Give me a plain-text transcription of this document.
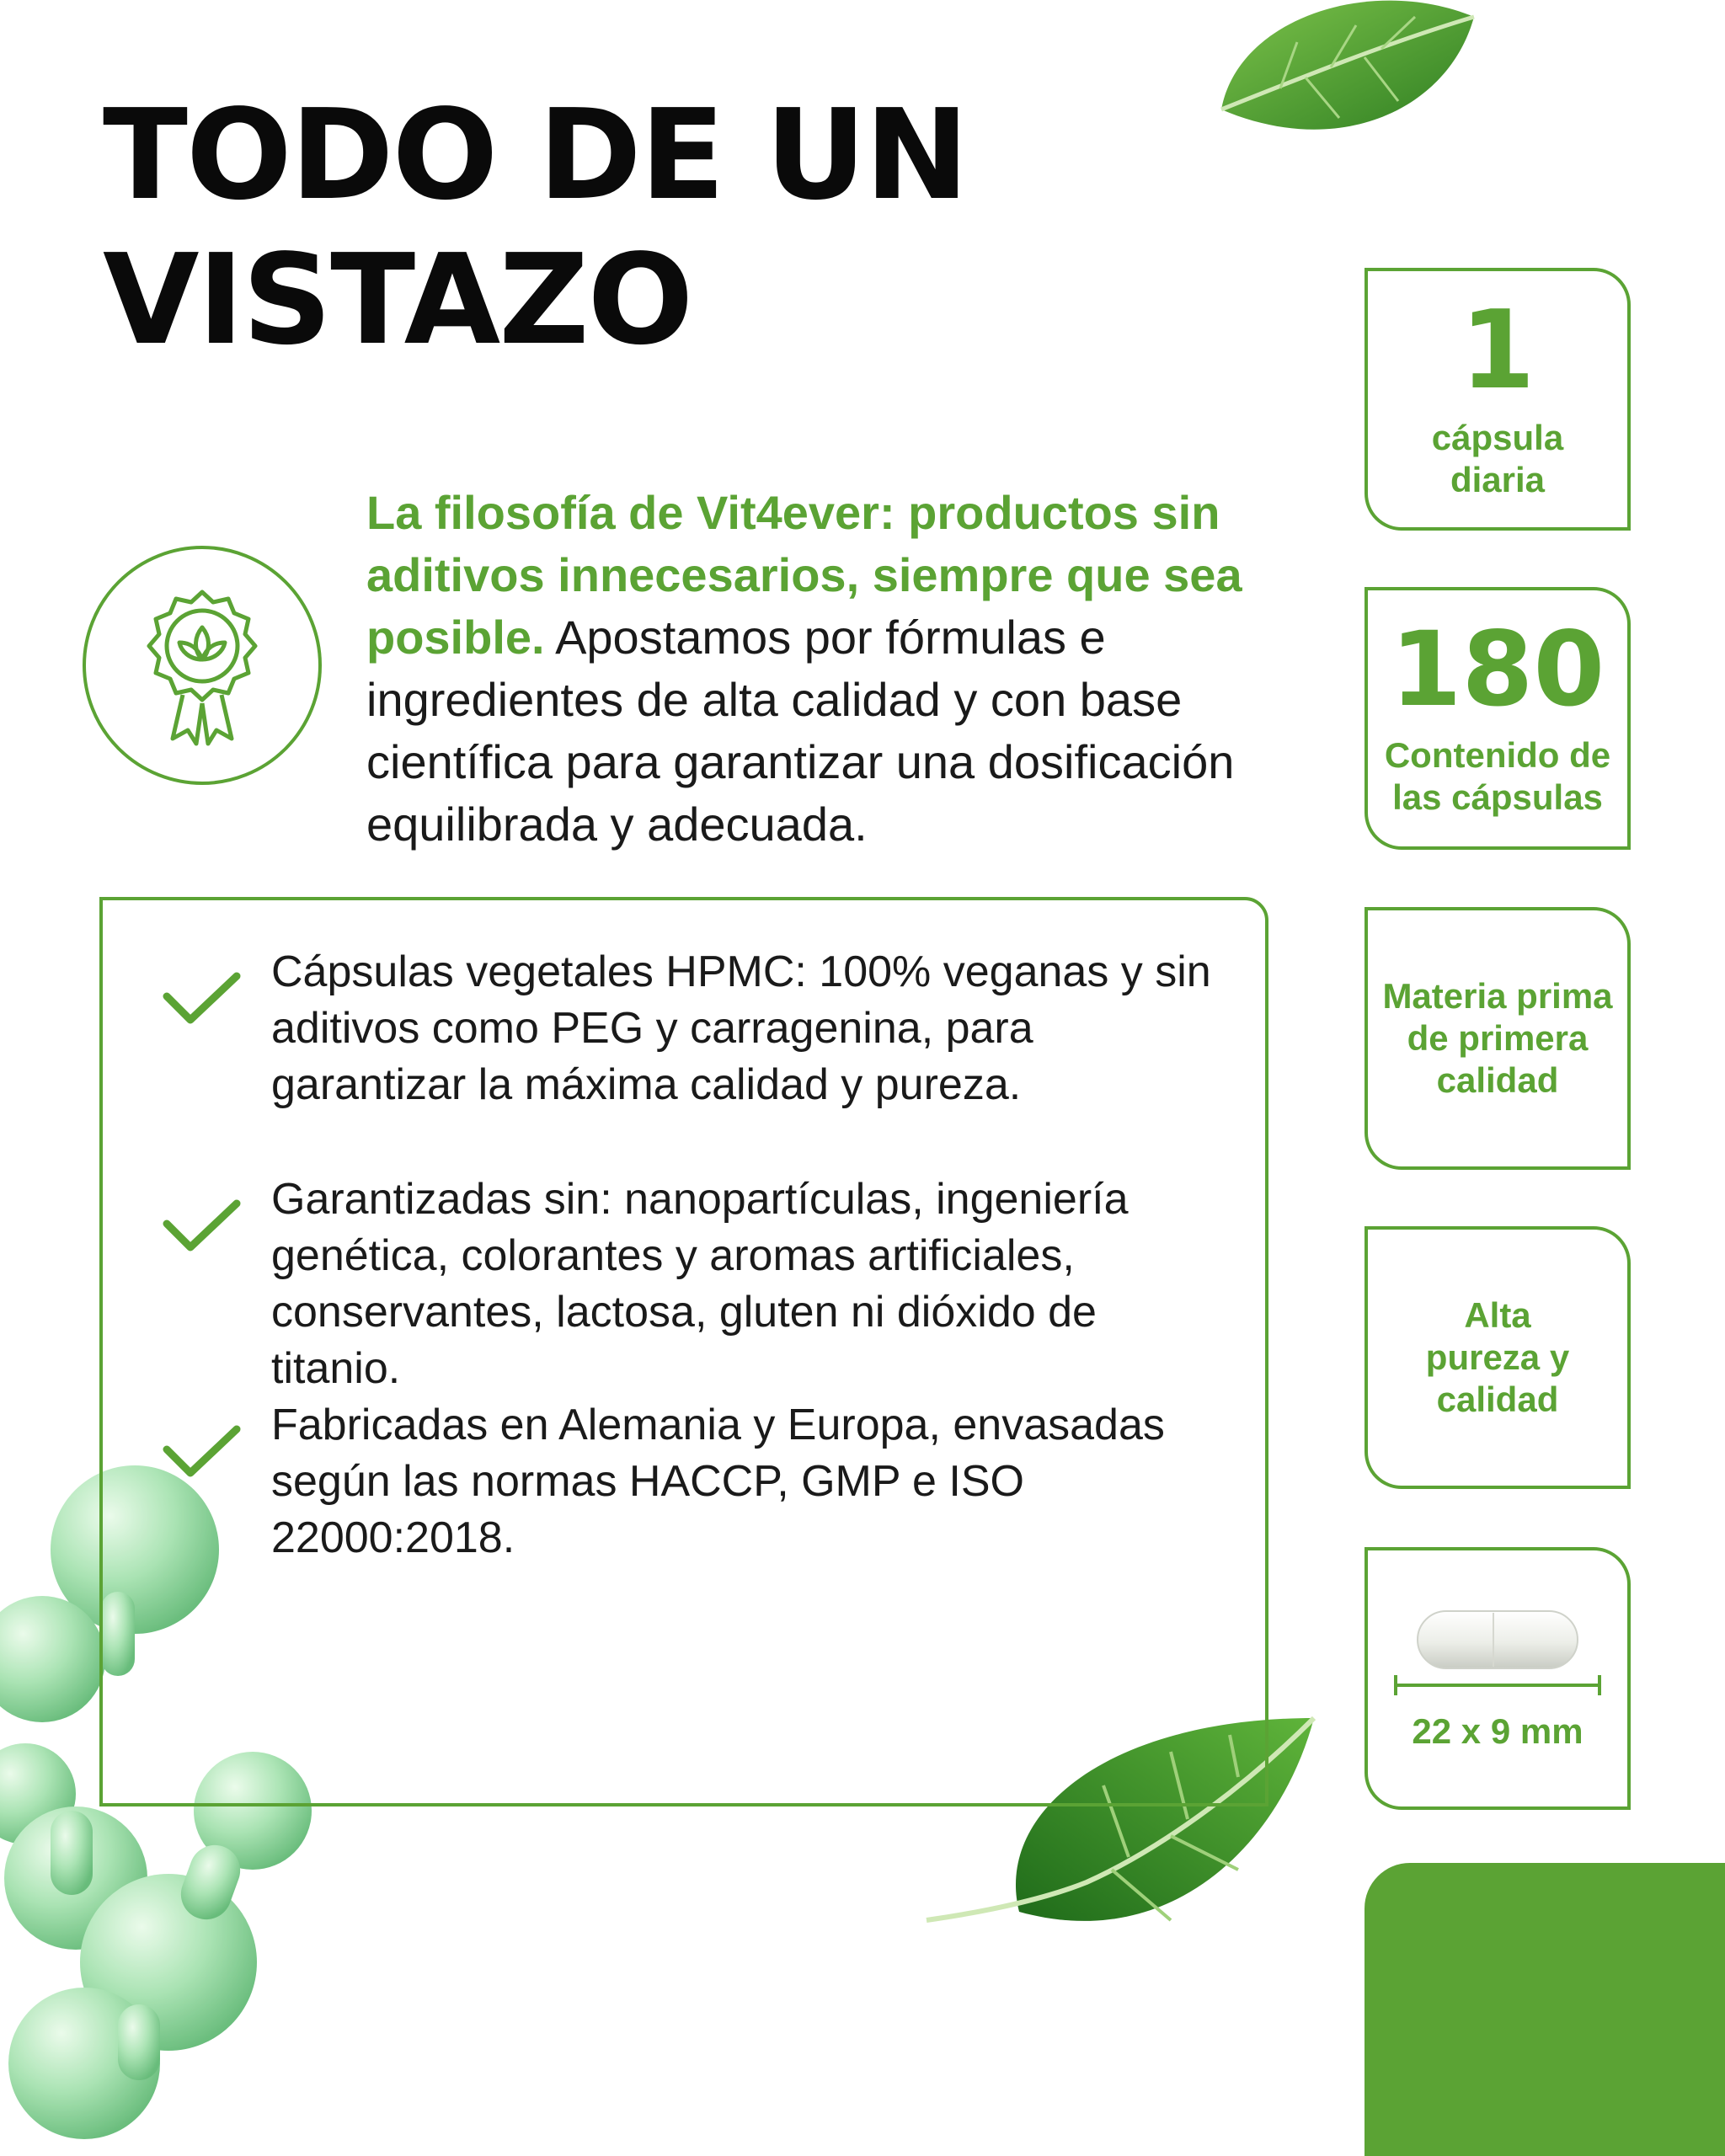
TODO DE UN
VISTAZO

La filosofía de Vit4ever: productos sin aditivos innecesarios, siempre que sea posible. Apostamos por fórmulas e ingredientes de alta calidad y con base científica para garantizar una dosificación equilibrada y adecuada.

Cápsulas vegetales HPMC: 100% veganas y sin aditivos como PEG y carragenina, para garantizar la máxima calidad y pureza.
Garantizadas sin: nanopartículas, ingeniería genética, colorantes y aromas artificiales, conservantes, lactosa, gluten ni dióxido de titanio.
Fabricadas en Alemania y Europa, envasadas según las normas HACCP, GMP e ISO 22000:2018.
1
cápsula diaria
180
Contenido de las cápsulas
Materia prima de primera calidad
Alta pureza y calidad
22 x 9 mm
